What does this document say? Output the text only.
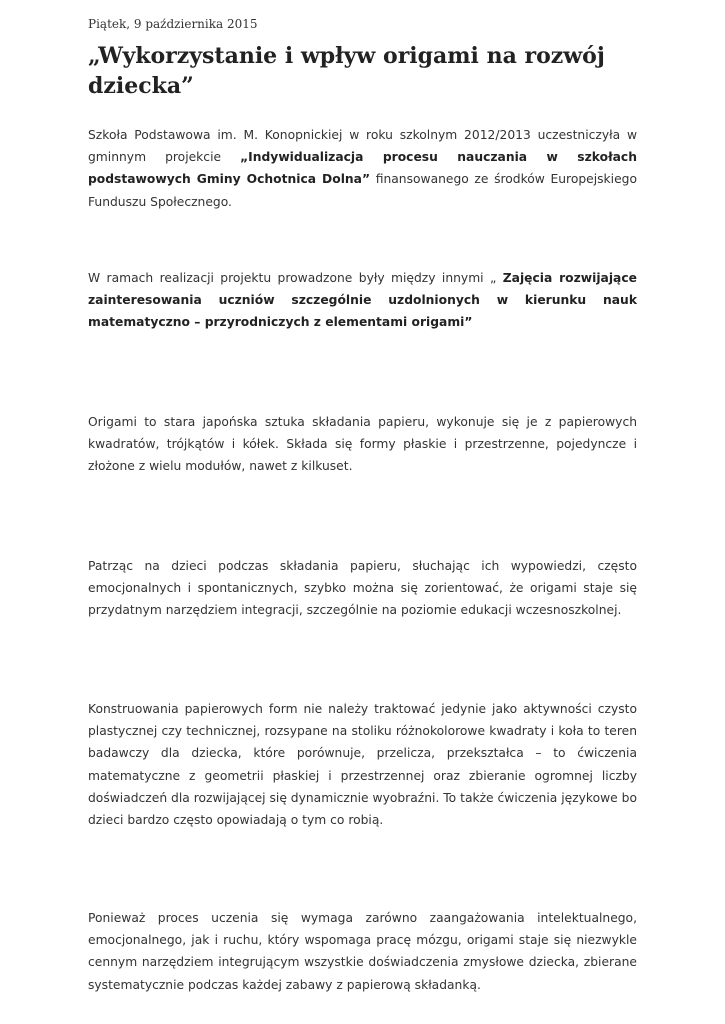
Piątek, 9 października 2015
„Wykorzystanie i wpływ origami na rozwój dziecka”

Szkoła Podstawowa im. M. Konopnickiej w roku szkolnym 2012/2013 uczestniczyła w gminnym projekcie „Indywidualizacja procesu nauczania w szkołach podstawowych Gminy Ochotnica Dolna” finansowanego ze środków Europejskiego Funduszu Społecznego.

W ramach realizacji projektu prowadzone były między innymi „ Zajęcia rozwijające zainteresowania uczniów szczególnie uzdolnionych w kierunku nauk matematyczno – przyrodniczych z elementami origami”

Origami to stara japońska sztuka składania papieru, wykonuje się je z papierowych kwadratów, trójkątów i kółek. Składa się formy płaskie i przestrzenne, pojedyncze i złożone z wielu modułów, nawet z kilkuset.

Patrząc na dzieci podczas składania papieru, słuchając ich wypowiedzi, często emocjonalnych i spontanicznych, szybko można się zorientować, że origami staje się przydatnym narzędziem integracji, szczególnie na poziomie edukacji wczesnoszkolnej.

Konstruowania papierowych form nie należy traktować jedynie jako aktywności czysto plastycznej czy technicznej, rozsypane na stoliku różnokolorowe kwadraty i koła to teren badawczy dla dziecka, które porównuje, przelicza, przekształca – to ćwiczenia matematyczne z geometrii płaskiej i przestrzennej oraz zbieranie ogromnej liczby doświadczeń dla rozwijającej się dynamicznie wyobraźni. To także ćwiczenia językowe bo dzieci bardzo często opowiadają o tym co robią.

Ponieważ proces uczenia się wymaga zarówno zaangażowania intelektualnego, emocjonalnego, jak i ruchu, który wspomaga pracę mózgu, origami staje się niezwykle cennym narzędziem integrującym wszystkie doświadczenia zmysłowe dziecka, zbierane systematycznie podczas każdej zabawy z papierową składanką.
